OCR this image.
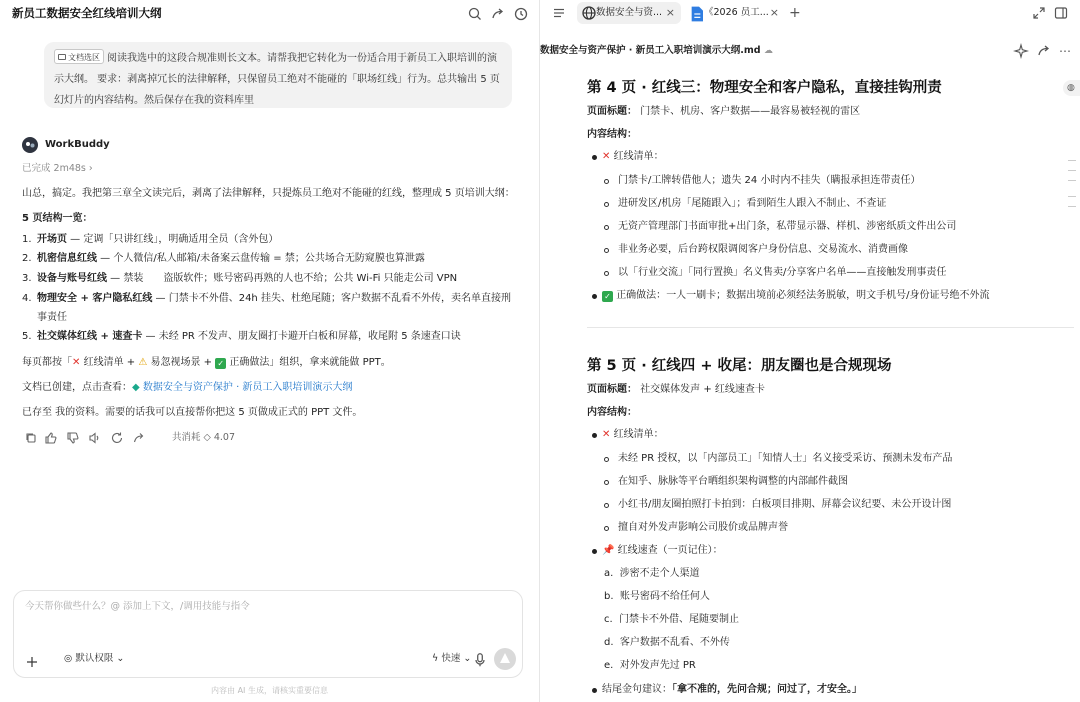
新员工数据安全红线培训大纲
文档选区 阅读我选中的这段合规准则长文本。请帮我把它转化为一份适合用于新员工入职培训的演示大纲。 要求：剥离掉冗长的法律解释，只保留员工绝对不能碰的「职场红线」行为。总共输出 5 页幻灯片的内容结构。然后保存在我的资料库里
WorkBuddy
已完成 2m48s ›
山总，搞定。我把第三章全文读完后，剥离了法律解释，只提炼员工绝对不能碰的红线，整理成 5 页培训大纲：
5 页结构一览：
1. 开场页 — 定调「只讲红线」，明确适用全员（含外包）
2. 机密信息红线 — 个人微信/私人邮箱/未备案云盘传输 = 禁；公共场合无防窥膜也算泄露
3. 设备与账号红线 — 禁装　　盗版软件；账号密码再熟的人也不给；公共 Wi-Fi 只能走公司 VPN
4. 物理安全 + 客户隐私红线 — 门禁卡不外借、24h 挂失、杜绝尾随；客户数据不乱看不外传，卖名单直接刑事责任
5. 社交媒体红线 + 速查卡 — 未经 PR 不发声、朋友圈打卡避开白板和屏幕，收尾附 5 条速查口诀
每页都按「✕ 红线清单 + ⚠ 易忽视场景 + ✓ 正确做法」组织，拿来就能做 PPT。
文档已创建，点击查看：◆ 数据安全与资产保护 · 新员工入职培训演示大纲
已存至 我的资料。需要的话我可以直接帮你把这 5 页做成正式的 PPT 文件。
共消耗 ◇ 4.07
今天帮你做些什么？@ 添加上下文，/调用技能与指令
◎ 默认权限 ⌄	ϟ 快速 ⌄
内容由 AI 生成，请核实重要信息
数据安全与资... ×	《2026 员工... × +
数据安全与资产保护 · 新员工入职培训演示大纲.md ☁	⋯
◍
第 4 页 · 红线三：物理安全和客户隐私，直接挂钩刑责
页面标题： 门禁卡、机房、客户数据——最容易被轻视的雷区
内容结构：
✕ 红线清单：
门禁卡/工牌转借他人；遗失 24 小时内不挂失（瞒报承担连带责任）
进研发区/机房「尾随跟入」；看到陌生人跟入不制止、不查证
无资产管理部门书面审批+出门条，私带显示器、样机、涉密纸质文件出公司
非业务必要，后台跨权限调阅客户身份信息、交易流水、消费画像
以「行业交流」「同行置换」名义售卖/分享客户名单——直接触发刑事责任
✓ 正确做法：一人一刷卡；数据出境前必须经法务脱敏，明文手机号/身份证号绝不外流
第 5 页 · 红线四 + 收尾：朋友圈也是合规现场
页面标题： 社交媒体发声 + 红线速查卡
内容结构：
✕ 红线清单：
未经 PR 授权，以「内部员工」「知情人士」名义接受采访、预测未发布产品
在知乎、脉脉等平台晒组织架构调整的内部邮件截图
小红书/朋友圈拍照打卡拍到：白板项目排期、屏幕会议纪要、未公开设计图
擅自对外发声影响公司股价或品牌声誉
📌 红线速查（一页记住）：
a. 涉密不走个人渠道
b. 账号密码不给任何人
c. 门禁卡不外借、尾随要制止
d. 客户数据不乱看、不外传
e. 对外发声先过 PR
结尾金句建议：「拿不准的，先问合规；问过了，才安全。」
